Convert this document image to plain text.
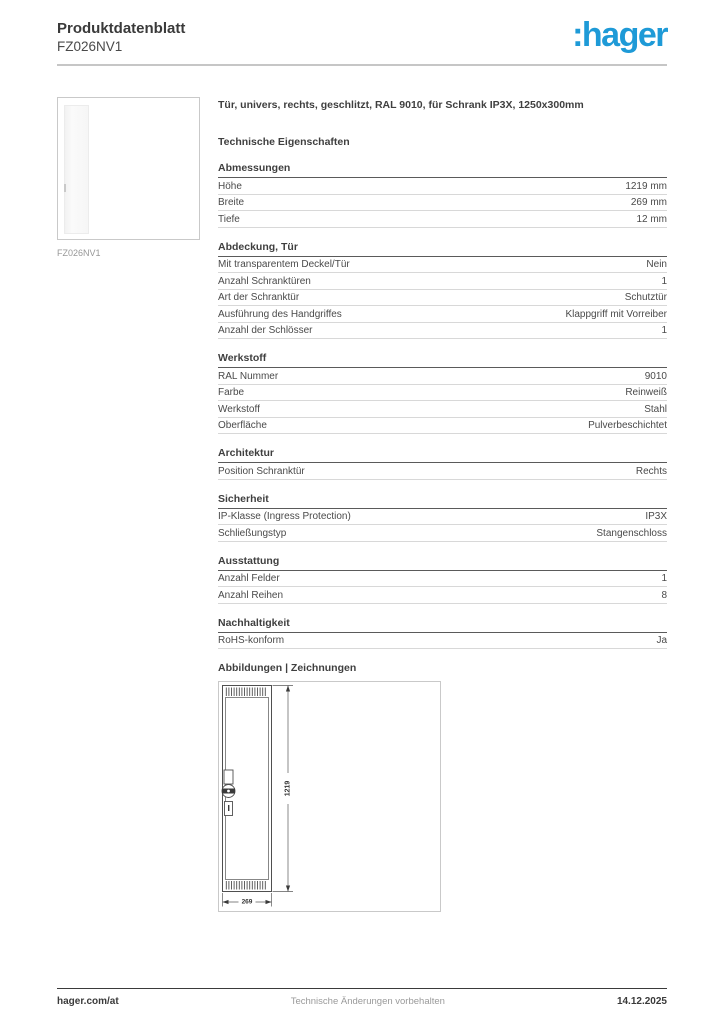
Produktdatenblatt
FZ026NV1	:hager
FZ026NV1
Tür, univers, rechts, geschlitzt, RAL 9010, für Schrank IP3X, 1250x300mm
Technische Eigenschaften
Abmessungen
Höhe	1219 mm
Breite	269 mm
Tiefe	12 mm
Abdeckung, Tür
Mit transparentem Deckel/Tür	Nein
Anzahl Schranktüren	1
Art der Schranktür	Schutztür
Ausführung des Handgriffes	Klappgriff mit Vorreiber
Anzahl der Schlösser	1
Werkstoff
RAL Nummer	9010
Farbe	Reinweiß
Werkstoff	Stahl
Oberfläche	Pulverbeschichtet
Architektur
Position Schranktür	Rechts
Sicherheit
IP-Klasse (Ingress Protection)	IP3X
Schließungstyp	Stangenschloss
Ausstattung
Anzahl Felder	1
Anzahl Reihen	8
Nachhaltigkeit
RoHS-konform	Ja
Abbildungen | Zeichnungen
1219
269
hager.com/at	Technische Änderungen vorbehalten	14.12.2025
